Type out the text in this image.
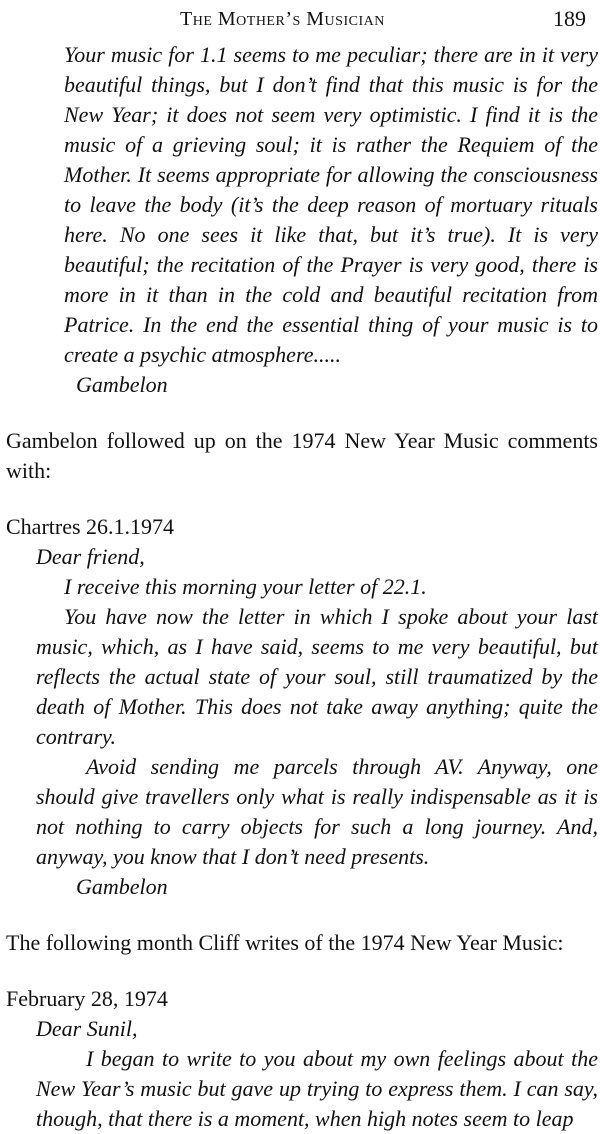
The Mother’s Musician	189

Your music for 1.1 seems to me peculiar; there are in it very beautiful things, but I don’t find that this music is for the New Year; it does not seem very optimistic. I find it is the music of a grieving soul; it is rather the Requiem of the Mother. It seems appropriate for allowing the consciousness to leave the body (it’s the deep reason of mortuary rituals here. No one sees it like that, but it’s true). It is very beautiful; the recitation of the Prayer is very good, there is more in it than in the cold and beautiful recitation from Patrice. In the end the essential thing of your music is to create a psychic atmosphere.....

Gambelon

Gambelon followed up on the 1974 New Year Music comments with:

Chartres 26.1.1974

Dear friend,

I receive this morning your letter of 22.1.

You have now the letter in which I spoke about your last music, which, as I have said, seems to me very beautiful, but reflects the actual state of your soul, still traumatized by the death of Mother. This does not take away anything; quite the contrary.

Avoid sending me parcels through AV. Anyway, one should give travellers only what is really indispensable as it is not nothing to carry objects for such a long journey. And, anyway, you know that I don’t need presents.

Gambelon

The following month Cliff writes of the 1974 New Year Music:

February 28, 1974

Dear Sunil,

I began to write to you about my own feelings about the New Year’s music but gave up trying to express them. I can say, though, that there is a moment, when high notes seem to leap
